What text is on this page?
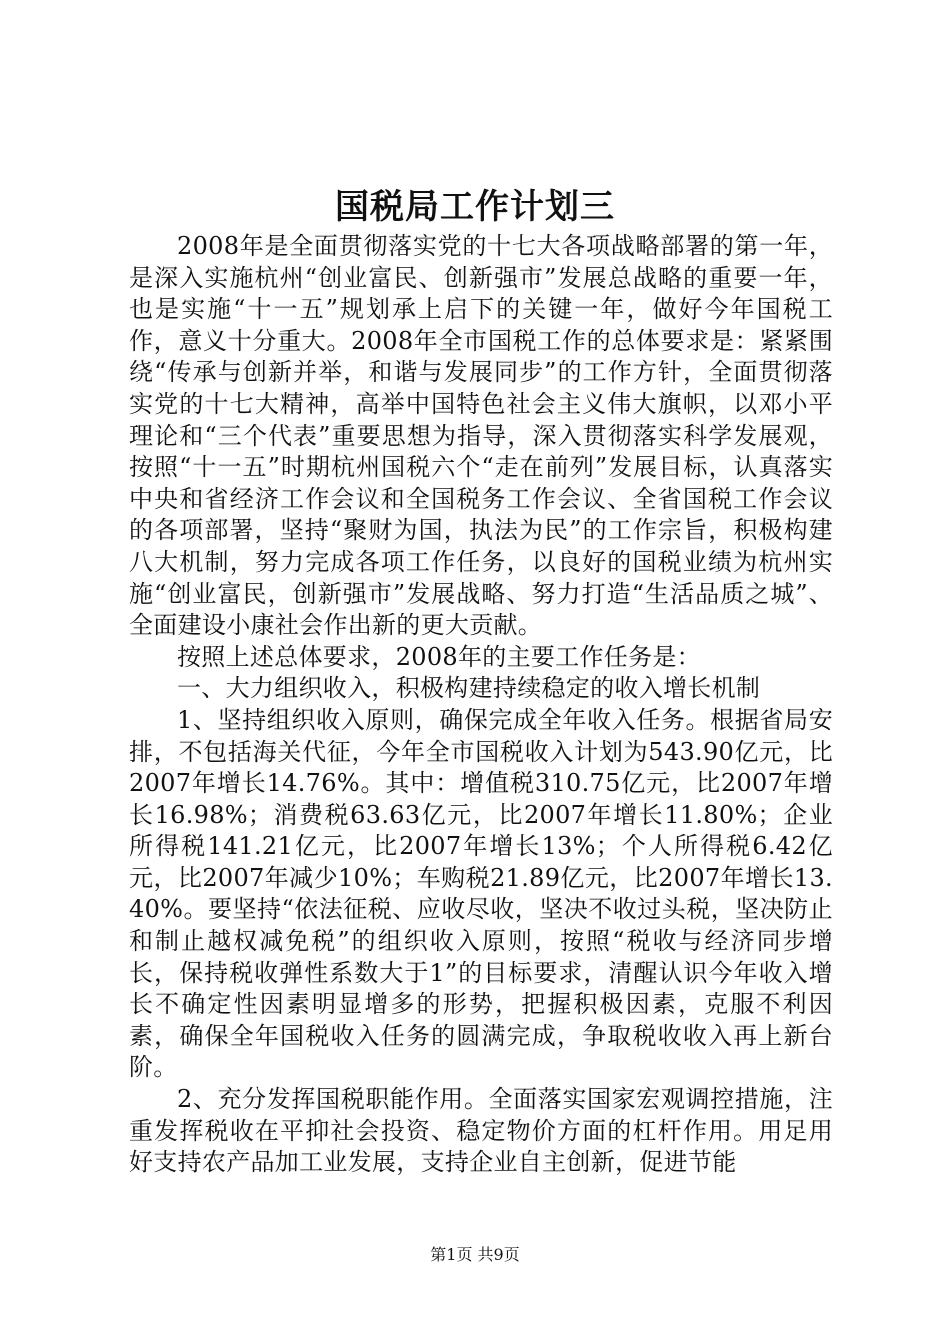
国税局工作计划三

2008年是全面贯彻落实党的十七大各项战略部署的第一年，是深入实施杭州“创业富民、创新强市”发展总战略的重要一年，也是实施“十一五”规划承上启下的关键一年，做好今年国税工作，意义十分重大。2008年全市国税工作的总体要求是：紧紧围绕“传承与创新并举，和谐与发展同步”的工作方针，全面贯彻落实党的十七大精神，高举中国特色社会主义伟大旗帜，以邓小平理论和“三个代表”重要思想为指导，深入贯彻落实科学发展观，按照“十一五”时期杭州国税六个“走在前列”发展目标，认真落实中央和省经济工作会议和全国税务工作会议、全省国税工作会议的各项部署，坚持“聚财为国，执法为民”的工作宗旨，积极构建八大机制，努力完成各项工作任务，以良好的国税业绩为杭州实施“创业富民，创新强市”发展战略、努力打造“生活品质之城”、全面建设小康社会作出新的更大贡献。

按照上述总体要求，2008年的主要工作任务是：

一、大力组织收入，积极构建持续稳定的收入增长机制

1、坚持组织收入原则，确保完成全年收入任务。根据省局安排，不包括海关代征，今年全市国税收入计划为543.90亿元，比2007年增长14.76%。其中：增值税310.75亿元，比2007年增长16.98%；消费税63.63亿元，比2007年增长11.80%；企业所得税141.21亿元，比2007年增长13%；个人所得税6.42亿元，比2007年减少10%；车购税21.89亿元，比2007年增长13.40%。要坚持“依法征税、应收尽收，坚决不收过头税，坚决防止和制止越权减免税”的组织收入原则，按照“税收与经济同步增长，保持税收弹性系数大于1”的目标要求，清醒认识今年收入增长不确定性因素明显增多的形势，把握积极因素，克服不利因素，确保全年国税收入任务的圆满完成，争取税收收入再上新台阶。

2、充分发挥国税职能作用。全面落实国家宏观调控措施，注重发挥税收在平抑社会投资、稳定物价方面的杠杆作用。用足用好支持农产品加工业发展，支持企业自主创新，促进节能

第1页 共9页
